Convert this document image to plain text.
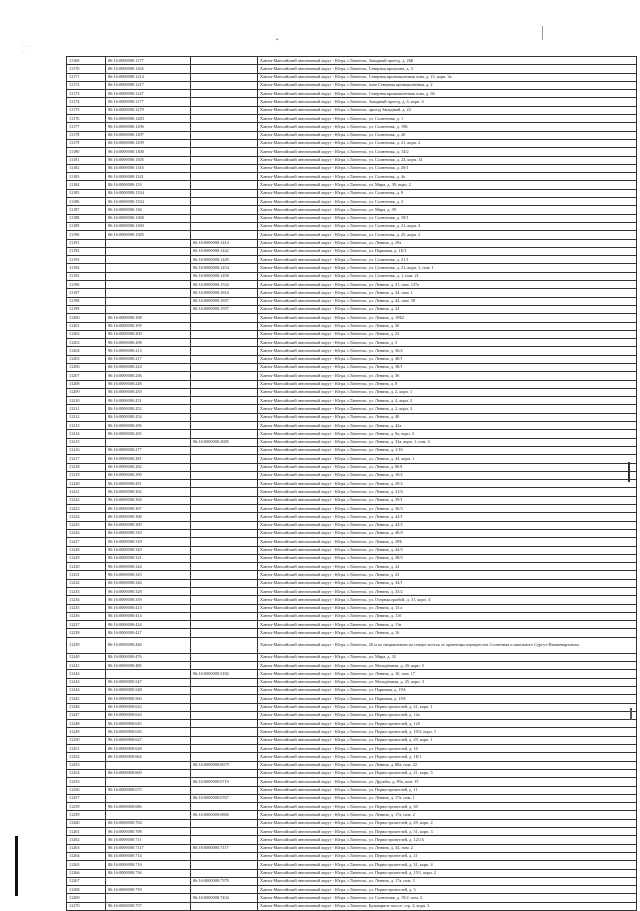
•
· · ·
· ·
11169	86:16:0000000:1177		Ханты-Мансийский автономный округ - Югра, г.Лангепас, Западный проезд, д. 26Б
11170	86:16:0000000:1265		Ханты-Мансийский автономный округ - Югра, г.Лангепас, Северная промзона, д. 3
11171	86:16:0000000:1214		Ханты-Мансийский автономный округ - Югра, г.Лангепас, Северная промышленная зона, д. 15, корп. 3а
11172	86:16:0000000:1217		Ханты-Мансийский автономный округ - Югра, г.Лангепас, зона Северная промышленная, д. 2
11173	86:16:0000000:1247		Ханты-Мансийский автономный округ - Югра, г.Лангепас, Северная промышленная зона, д. 36
11174	86:16:0000000:1177		Ханты-Мансийский автономный округ - Югра, г.Лангепас, Западный проезд, д. 6, корп. 4
11175	86:16:0000000:1279		Ханты-Мансийский автономный округ - Югра, г.Лангепас, проезд Западный, д. 22
11176	86:16:0000000:1283		Ханты-Мансийский автономный округ - Югра, г.Лангепас, ул. Солнечная, д. 1
11177	86:16:0000000:1296		Ханты-Мансийский автономный округ - Югра, г.Лангепас, ул. Солнечная, д. 19Б
11178	86:16:0000000:1297		Ханты-Мансийский автономный округ - Югра, г.Лангепас, ул. Солнечная, д. 20
11179	86:16:0000000:1299		Ханты-Мансийский автономный округ - Югра, г.Лангепас, ул. Солнечная, д. 21, корп. 2
11180	86:16:0000000:1300		Ханты-Мансийский автономный округ - Югра, г.Лангепас, ул. Солнечная, д. 14/2
11181	86:16:0000000:1305		Ханты-Мансийский автономный округ - Югра, г.Лангепас, ул. Солнечная, д. 23, корп. 14
11182	86:16:0000000:1316		Ханты-Мансийский автономный округ - Югра, г.Лангепас, ул. Солнечная, д. 20/1
11183	86:16:0000000:1321		Ханты-Мансийский автономный округ - Югра, г.Лангепас, ул. Солнечная, д. 4а
11184	86:16:0000000:133		Ханты-Мансийский автономный округ - Югра, г.Лангепас, ул. Мира, д. 39, корп. 2
11185	86:16:0000000:1334		Ханты-Мансийский автономный округ - Югра, г.Лангепас, ул. Солнечная, д. 8
11186	86:16:0000000:1354		Ханты-Мансийский автономный округ - Югра, г.Лангепас, ул. Солнечная, д. 2
11187	86:16:0000000:136		Ханты-Мансийский автономный округ - Югра, г.Лангепас, ул. Мира, д. 39
11188	86:16:0000000:1368		Ханты-Мансийский автономный округ - Югра, г.Лангепас, ул. Солнечная, д. 19/1
11189	86:16:0000000:1369		Ханты-Мансийский автономный округ - Югра, г.Лангепас, ул. Солнечная, д. 21, корп. 4
11190	86:16:0000000:1385		Ханты-Мансийский автономный округ - Югра, г.Лангепас, ул. Солнечная, д. 25, корп. 2
11191		86:16:0000000:1414	Ханты-Мансийский автономный округ - Югра, г.Лангепас, ул. Ленина, д. 29а
11192		86:16:0000000:1442	Ханты-Мансийский автономный округ - Югра, г.Лангепас, ул. Парковая, д. 1Б/3
11193		86:16:0000000:1449	Ханты-Мансийский автономный округ - Югра, г.Лангепас, ул. Солнечная, д. 21/1
11194		86:16:0000000:1454	Ханты-Мансийский автономный округ - Югра, г.Лангепас, ул. Солнечная, д. 21, корп. 1, пом. 1
11195		86:16:0000000:1458	Ханты-Мансийский автономный округ - Югра, г.Лангепас, ул. Солнечная, д. 1, пом. 21
11196		86:16:0000000:1534	Ханты-Мансийский автономный округ - Югра, г.Лангепас, ул. Ленина, д. 31, пом. 137а
11197		86:16:0000000:1616	Ханты-Мансийский автономный округ - Югра, г.Лангепас, ул. Ленина, д. 34, пом. 1
11198		86:16:0000000:1637	Ханты-Мансийский автономный округ - Югра, г.Лангепас, ул. Ленина, д. 42, пом. 39
11199		86:16:0000000:1937	Ханты-Мансийский автономный округ - Югра, г.Лангепас, ул. Ленина, д. 24
11200	86:16:0000000:198		Ханты-Мансийский автономный округ - Югра, г.Лангепас, ул. Ленина, д. 19Б2
11201	86:16:0000000:199		Ханты-Мансийский автономный округ - Югра, г.Лангепас, ул. Ленина, д. 30
11202	86:16:0000000:200		Ханты-Мансийский автономный округ - Югра, г.Лангепас, ул. Ленина, д. 23
11203	86:16:0000000:208		Ханты-Мансийский автономный округ - Югра, г.Лангепас, ул. Ленина, д. 3
11204	86:16:0000000:213		Ханты-Мансийский автономный округ - Югра, г.Лангепас, ул. Ленина, д. 36/2
11205	86:16:0000000:217		Ханты-Мансийский автономный округ - Югра, г.Лангепас, ул. Ленина, д. 40/1
11206	86:16:0000000:224		Ханты-Мансийский автономный округ - Югра, г.Лангепас, ул. Ленина, д. 38/1
11207	86:16:0000000:236		Ханты-Мансийский автономный округ - Югра, г.Лангепас, ул. Ленина, д. 36
11208	86:16:0000000:248		Ханты-Мансийский автономный округ - Югра, г.Лангепас, ул. Ленина, д. 8
11209	86:16:0000000:250		Ханты-Мансийский автономный округ - Югра, г.Лангепас, ул. Ленина, д. 2, корп. 1
11210	86:16:0000000:251		Ханты-Мансийский автономный округ - Югра, г.Лангепас, ул. Ленина, д. 4, корп. 2
11211	86:16:0000000:252		Ханты-Мансийский автономный округ - Югра, г.Лангепас, ул. Ленина, д. 2, корп. 3
11212	86:16:0000000:254		Ханты-Мансийский автономный округ - Югра, г.Лангепас, ул. Ленина, д. 40
11213	86:16:0000000:256		Ханты-Мансийский автономный округ - Югра, г.Лангепас, ул. Ленина, д. 42а
11214	86:16:0000000:265		Ханты-Мансийский автономный округ - Югра, г.Лангепас, ул. Ленина, д. 9а, корп. 3
11215		86:16:0000000:2685	Ханты-Мансийский автономный округ - Югра, г.Лангепас, ул. Ленина, д. 33а, корп. 1, пом. 4
11216	86:16:0000000:277		Ханты-Мансийский автономный округ - Югра, г.Лангепас, ул. Ленина, д. 1/16
11217	86:16:0000000:281		Ханты-Мансийский автономный округ - Югра, г.Лангепас, ул. Ленина, д. 42, корп. 1
11218	86:16:0000000:282		Ханты-Мансийский автономный округ - Югра, г.Лангепас, ул. Ленина, д. 80А
11219	86:16:0000000:290		Ханты-Мансийский автономный округ - Югра, г.Лангепас, ул. Ленина, д. 10/2
11220	86:16:0000000:291		Ханты-Мансийский автономный округ - Югра, г.Лангепас, ул. Ленина, д. 29/2
11221	86:16:0000000:302		Ханты-Мансийский автономный округ - Югра, г.Лангепас, ул. Ленина, д. 31/4
11222	86:16:0000000:304		Ханты-Мансийский автономный округ - Югра, г.Лангепас, ул. Ленина, д. 39/1
11223	86:16:0000000:307		Ханты-Мансийский автономный округ - Югра, г.Лангепас, ул. Ленина, д. 36/3
11224	86:16:0000000:308		Ханты-Мансийский автономный округ - Югра, г.Лангепас, ул. Ленина, д. 42/1
11225	86:16:0000000:309		Ханты-Мансийский автономный округ - Югра, г.Лангепас, ул. Ленина, д. 42/2
11226	86:16:0000000:310		Ханты-Мансийский автономный округ - Югра, г.Лангепас, ул. Ленина, д. 40/4
11227	86:16:0000000:318		Ханты-Мансийский автономный округ - Югра, г.Лангепас, ул. Ленина, д. 29Б
11228	86:16:0000000:320		Ханты-Мансийский автономный округ - Югра, г.Лангепас, ул. Ленина, д. 42/3
11229	86:16:0000000:321		Ханты-Мансийский автономный округ - Югра, г.Лангепас, ул. Ленина, д. 38/3
11230	86:16:0000000:324		Ханты-Мансийский автономный округ - Югра, г.Лангепас, ул. Ленина, д. 24
11231	86:16:0000000:325		Ханты-Мансийский автономный округ - Югра, г.Лангепас, ул. Ленина, д. 23
11232	86:16:0000000:326		Ханты-Мансийский автономный округ - Югра, г.Лангепас, ул. Ленина, д. 34/1
11233	86:16:0000000:328		Ханты-Мансийский автономный округ - Югра, г.Лангепас, ул. Ленина, д. 33/2
11234	86:16:0000000:339		Ханты-Мансийский автономный округ - Югра, г.Лангепас, ул. Озерная прибой, д. 31, корп. 4
11235	86:16:0000000:413		Ханты-Мансийский автономный округ - Югра, г.Лангепас, ул. Ленина, д. 13 а
11236	86:16:0000000:414		Ханты-Мансийский автономный округ - Югра, г.Лангепас, ул. Ленина, д. 11б
11237	86:16:0000000:424		Ханты-Мансийский автономный округ - Югра, г.Лангепас, ул. Ленина, д. 11в
11238	86:16:0000000:427		Ханты-Мансийский автономный округ - Югра, г.Лангепас, ул. Ленина, д. 16
11239	86:16:0000000:446		Ханты-Мансийский автономный округ - Югра, г.Лангепас, 20 м по направлению на северо-восток от ориентира перекресток Солнечная и школьного Сургут-Нижневартовска
11240	86:16:0000000:476		Ханты-Мансийский автономный округ - Югра, г.Лангепас, ул. Мира, д. 32
11241	86:16:0000000:485		Ханты-Мансийский автономный округ - Югра, г.Лангепас, ул. Молодёжная, д. 2б, корп. 5
11242		86:16:0000000:5182	Ханты-Мансийский автономный округ - Югра, г.Лангепас, ул. Ленина, д. 10, пом. 17
11243	86:16:0000000:547		Ханты-Мансийский автономный округ - Югра, г.Лангепас, ул. Молодёжная, д. 25, корп. 3
11244	86:16:0000000:548		Ханты-Мансийский автономный округ - Югра, г.Лангепас, ул. Парковая, д. 19А
11245	86:16:0000000:560		Ханты-Мансийский автономный округ - Югра, г.Лангепас, ул. Парковая, д. 19А
11246	86:16:0000000:623		Ханты-Мансийский автономный округ - Югра, г.Лангепас, ул. Первостроителей, д. 21, корп. 1
11247	86:16:0000000:624		Ханты-Мансийский автономный округ - Югра, г.Лангепас, ул. Первостроителей, д. 12а
11248	86:16:0000000:625		Ханты-Мансийский автономный округ - Югра, г.Лангепас, ул. Первостроителей, д. 12б
11249	86:16:0000000:626		Ханты-Мансийский автономный округ - Югра, г.Лангепас, ул. Первостроителей, д. 10/3, корп. 1
11250	86:16:0000000:627		Ханты-Мансийский автономный округ - Югра, г.Лангепас, ул. Первостроителей, д. 29, корп. 1
11251	86:16:0000000:628		Ханты-Мансийский автономный округ - Югра, г.Лангепас, ул. Первостроителей, д. 16
11252	86:16:0000000:664		Ханты-Мансийский автономный округ - Югра, г.Лангепас, ул. Первостроителей, д. 1Б/1
11253		86:16:0000000:6679	Ханты-Мансийский автономный округ - Югра, г.Лангепас, ул. Ленина, д. 88а, пом. 22
11254	86:16:0000000:669		Ханты-Мансийский автономный округ - Югра, г.Лангепас, ул. Первостроителей, д. 21, корп. 5
11255		86:16:0000000:6719	Ханты-Мансийский автономный округ - Югра, г.Лангепас, ул. Дружбы, д. 89а, пом. 15
11256	86:16:0000000:675		Ханты-Мансийский автономный округ - Югра, г.Лангепас, ул. Первостроителей, д. 11
11257		86:16:0000000:6767	Ханты-Мансийский автономный округ - Югра, г.Лангепас, ул. Ленина, д. 17а, пом. 1
11258	86:16:0000000:686		Ханты-Мансийский автономный округ - Югра, г.Лангепас, ул. Первостроителей, д. 30
11259		86:16:0000000:6806	Ханты-Мансийский автономный округ - Югра, г.Лангепас, ул. Ленина, д. 17а, пом. 2
11260	86:16:0000000:704		Ханты-Мансийский автономный округ - Югра, г.Лангепас, ул. Первостроителей, д. 29, корп. 2
11261	86:16:0000000:708		Ханты-Мансийский автономный округ - Югра, г.Лангепас, ул. Первостроителей, д. 31, корп. 3
11262	86:16:0000000:711		Ханты-Мансийский автономный округ - Югра, г.Лангепас, ул. Первостроителей, д. 12/1А
11263	86:16:0000000:7117	86:16:0000000:7117	Ханты-Мансийский автономный округ - Югра, г.Лангепас, ул. Ленина, д. 34, пом. 2
11264	86:16:0000000:714		Ханты-Мансийский автономный округ - Югра, г.Лангепас, ул. Первостроителей, д. 21
11265	86:16:0000000:716		Ханты-Мансийский автономный округ - Югра, г.Лангепас, ул. Первостроителей, д. 31, корп. 4
11266	86:16:0000000:736		Ханты-Мансийский автономный округ - Югра, г.Лангепас, ул. Первостроителей, д. 15/1, корп. 2
11267		86:16:0000000:7379	Ханты-Мансийский автономный округ - Югра, г.Лангепас, ул. Ленина, д. 17а, пом. 3
11268	86:16:0000000:739		Ханты-Мансийский автономный округ - Югра, г.Лангепас, ул. Первостроителей, д. 3
11269		86:16:0000000:7434	Ханты-Мансийский автономный округ - Югра, г.Лангепас, ул. Солнечная, д. 19/2, пом. 2
11270	86:16:0000000:757		Ханты-Мансийский автономный округ - Югра, г.Лангепас, Бульварное шоссе, стр. 2, корп. 3
